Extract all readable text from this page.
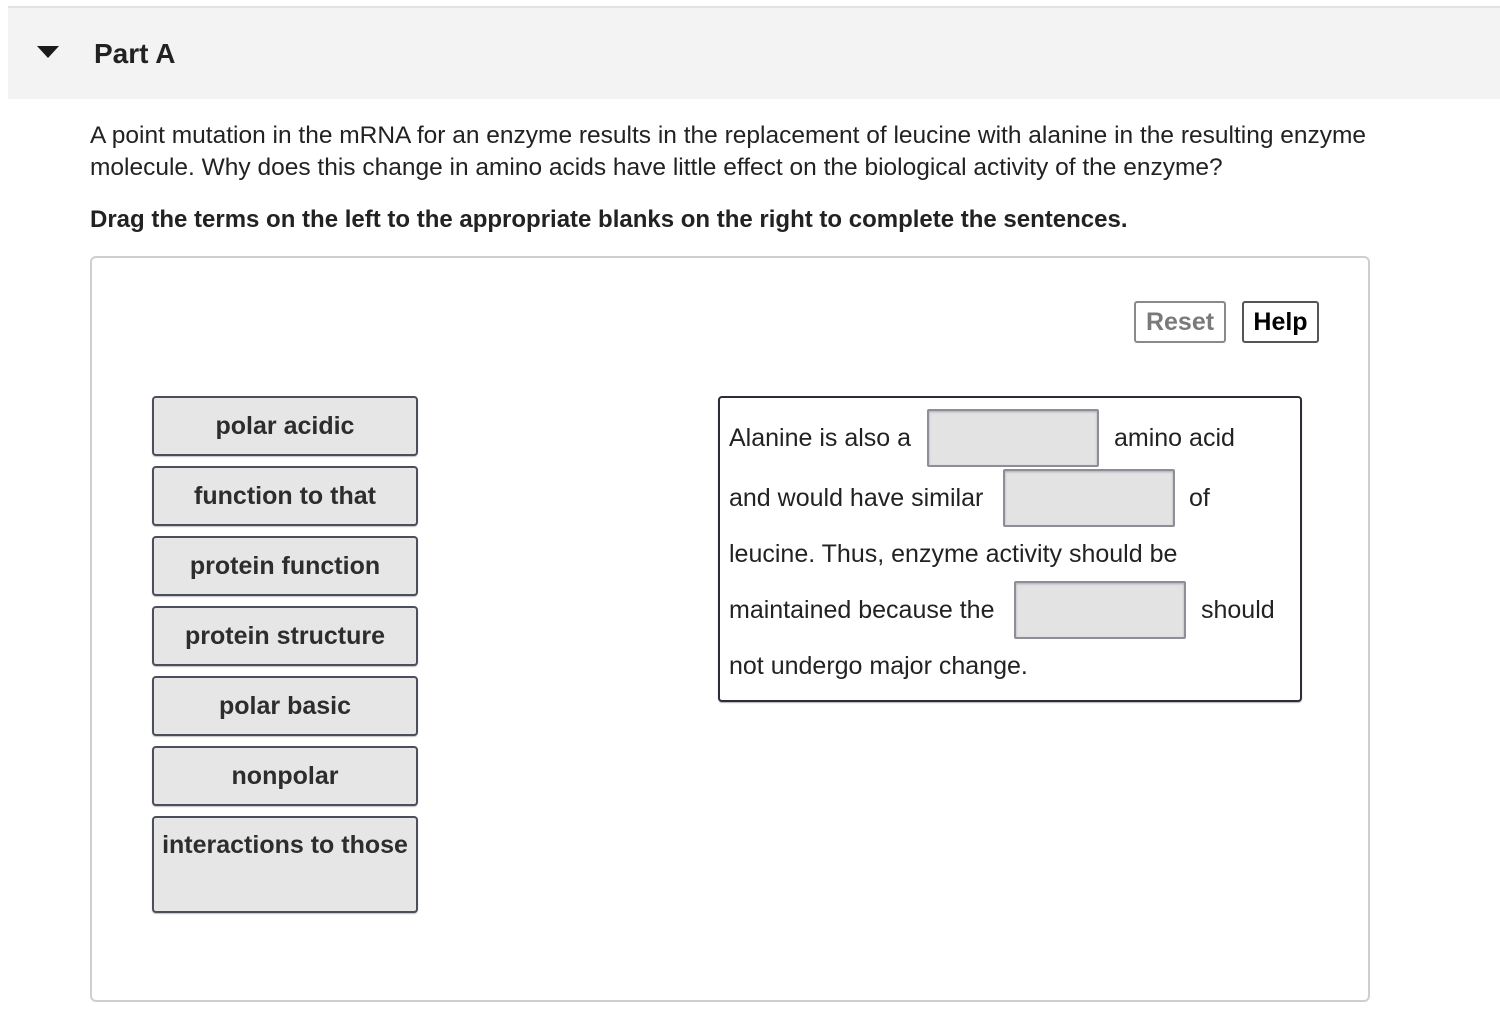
Part A

A point mutation in the mRNA for an enzyme results in the replacement of leucine with alanine in the resulting enzyme molecule. Why does this change in amino acids have little effect on the biological activity of the enzyme?

Drag the terms on the left to the appropriate blanks on the right to complete the sentences.

Reset	Help
polar acidic
function to that
protein function
protein structure
polar basic
nonpolar
interactions to those
Alanine is also a	amino acid
and would have similar	of
leucine. Thus, enzyme activity should be
maintained because the	should
not undergo major change.
